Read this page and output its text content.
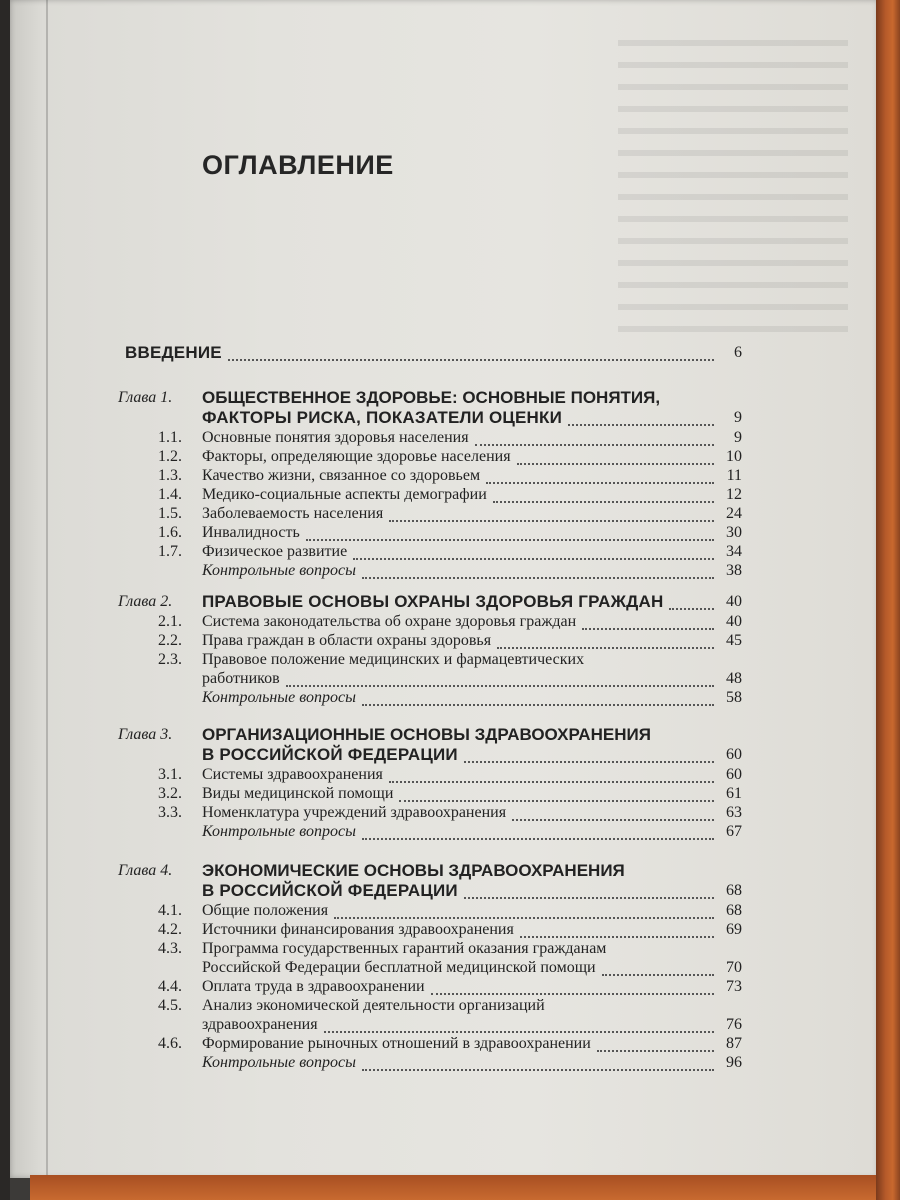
ОГЛАВЛЕНИЕ
ВВЕДЕНИЕ	6
Глава 1.	ОБЩЕСТВЕННОЕ ЗДОРОВЬЕ: ОСНОВНЫЕ ПОНЯТИЯ,
ФАКТОРЫ РИСКА, ПОКАЗАТЕЛИ ОЦЕНКИ	9
1.1. Основные понятия здоровья населения	9
1.2. Факторы, определяющие здоровье населения	10
1.3. Качество жизни, связанное со здоровьем	11
1.4. Медико-социальные аспекты демографии	12
1.5. Заболеваемость населения	24
1.6. Инвалидность	30
1.7. Физическое развитие	34
Контрольные вопросы	38
Глава 2.	ПРАВОВЫЕ ОСНОВЫ ОХРАНЫ ЗДОРОВЬЯ ГРАЖДАН	40
2.1. Система законодательства об охране здоровья граждан	40
2.2. Права граждан в области охраны здоровья	45
2.3. Правовое положение медицинских и фармацевтических
работников	48
Контрольные вопросы	58
Глава 3.	ОРГАНИЗАЦИОННЫЕ ОСНОВЫ ЗДРАВООХРАНЕНИЯ
В РОССИЙСКОЙ ФЕДЕРАЦИИ	60
3.1. Системы здравоохранения	60
3.2. Виды медицинской помощи	61
3.3. Номенклатура учреждений здравоохранения	63
Контрольные вопросы	67
Глава 4.	ЭКОНОМИЧЕСКИЕ ОСНОВЫ ЗДРАВООХРАНЕНИЯ
В РОССИЙСКОЙ ФЕДЕРАЦИИ	68
4.1. Общие положения	68
4.2. Источники финансирования здравоохранения	69
4.3. Программа государственных гарантий оказания гражданам
Российской Федерации бесплатной медицинской помощи	70
4.4. Оплата труда в здравоохранении	73
4.5. Анализ экономической деятельности организаций
здравоохранения	76
4.6. Формирование рыночных отношений в здравоохранении	87
Контрольные вопросы	96
